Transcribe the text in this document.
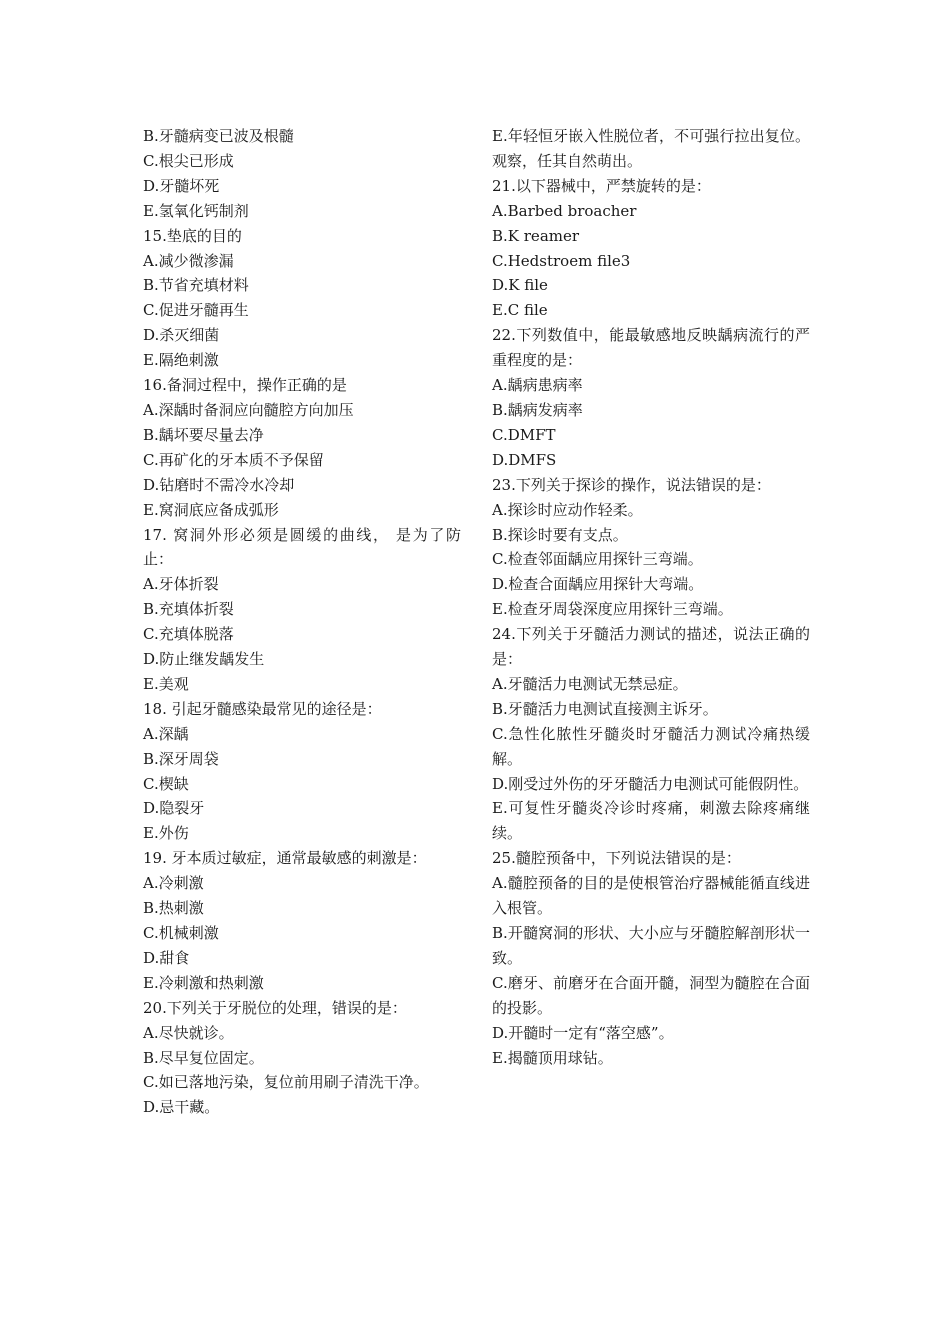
B.牙髓病变已波及根髓

C.根尖已形成

D.牙髓坏死

E.氢氧化钙制剂

15.垫底的目的

A.减少微渗漏

B.节省充填材料

C.促进牙髓再生

D.杀灭细菌

E.隔绝刺激

16.备洞过程中，操作正确的是

A.深龋时备洞应向髓腔方向加压

B.龋坏要尽量去净

C.再矿化的牙本质不予保留

D.钻磨时不需冷水冷却

E.窝洞底应备成弧形

17. 窝洞外形必须是圆缓的曲线， 是为了防止：

A.牙体折裂

B.充填体折裂

C.充填体脱落

D.防止继发龋发生

E.美观

18. 引起牙髓感染最常见的途径是：

A.深龋

B.深牙周袋

C.楔缺

D.隐裂牙

E.外伤

19. 牙本质过敏症，通常最敏感的刺激是：

A.冷刺激

B.热刺激

C.机械刺激

D.甜食

E.冷刺激和热刺激

20.下列关于牙脱位的处理，错误的是：

A.尽快就诊。

B.尽早复位固定。

C.如已落地污染，复位前用刷子清洗干净。

D.忌干藏。

E.年轻恒牙嵌入性脱位者，不可强行拉出复位。观察，任其自然萌出。

21.以下器械中，严禁旋转的是：

A.Barbed broacher

B.K reamer

C.Hedstroem file3

D.K file

E.C file

22.下列数值中，能最敏感地反映龋病流行的严重程度的是：

A.龋病患病率

B.龋病发病率

C.DMFT

D.DMFS

23.下列关于探诊的操作，说法错误的是：

A.探诊时应动作轻柔。

B.探诊时要有支点。

C.检查邻面龋应用探针三弯端。

D.检查合面龋应用探针大弯端。

E.检查牙周袋深度应用探针三弯端。

24.下列关于牙髓活力测试的描述，说法正确的是：

A.牙髓活力电测试无禁忌症。

B.牙髓活力电测试直接测主诉牙。

C.急性化脓性牙髓炎时牙髓活力测试冷痛热缓解。

D.刚受过外伤的牙牙髓活力电测试可能假阴性。

E.可复性牙髓炎冷诊时疼痛，刺激去除疼痛继续。

25.髓腔预备中，下列说法错误的是：

A.髓腔预备的目的是使根管治疗器械能循直线进入根管。

B.开髓窝洞的形状、大小应与牙髓腔解剖形状一致。

C.磨牙、前磨牙在合面开髓，洞型为髓腔在合面的投影。

D.开髓时一定有“落空感”。

E.揭髓顶用球钻。
